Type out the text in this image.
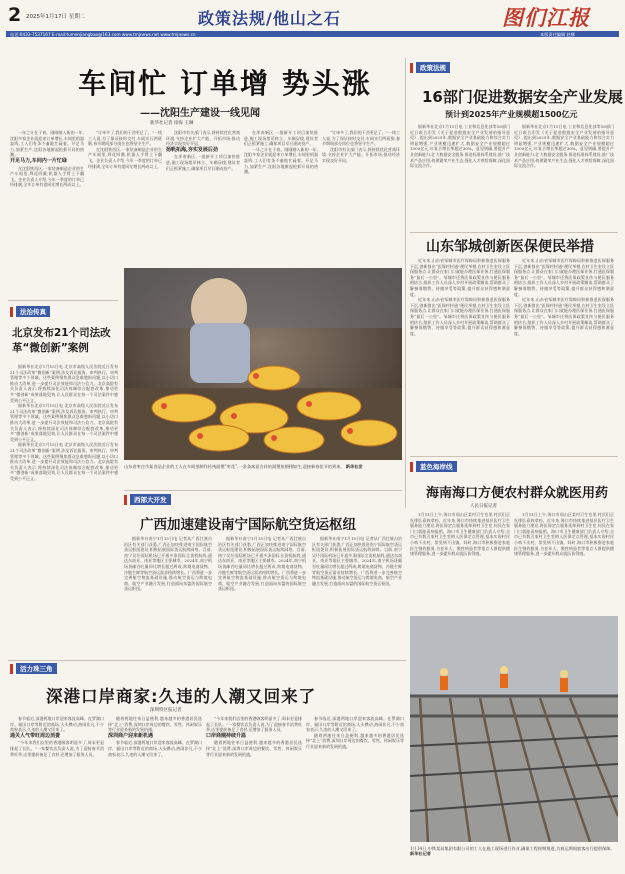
2 2025年1月17日 星期二	政策法规/他山之石	图们江报
电话:0433-7537167 E-mail:tumenjiangbao@163.com www.tmjnews.net www.tmjnews.cn	本版责任编辑 赵娜
车间忙 订单增 势头涨
——沈阳生产建设一线见闻
新华社记者 徐海 王琳

一年之计在于春。刚刚踏入新的一年,沈阳多家企业就迎来订单增长,车间里机器轰鸣,工人们有条不紊地忙碌着。开足马力,加紧生产,沈阳各地掀起抢抓开局的热潮。

开足马力,车间内一片忙碌

在沈阳铁西区,一家装备制造企业的生产车间里,焊花四溅,机器人手臂上下翻飞。企业负责人介绍,今年一季度的订单已经排满,全年订单有望同比增长两成以上。

“订单多了,我们的干劲更足了。”一线工人说,为了保证按时交付,车间实行两班倒,春节期间部分岗位也将坚守生产。

在沈阳铁西区,一家装备制造企业的生产车间里,焊花四溅,机器人手臂上下翻飞。企业负责人介绍,今年一季度的订单已经排满,全年订单有望同比增长两成以上。

沈阳市有关部门表示,将持续优化营商环境,支持企业扩大产能、开拓市场,推动经济实现良好开局。

扬帆拓海,夯实发展后劲

在浑南新区,一批新开工项目加快推进,施工现场塔吊林立、车辆穿梭,建设者们正抓紧施工,确保项目早日建成投产。

在浑南新区,一批新开工项目加快推进,施工现场塔吊林立、车辆穿梭,建设者们正抓紧施工,确保项目早日建成投产。

一年之计在于春。刚刚踏入新的一年,沈阳多家企业就迎来订单增长,车间里机器轰鸣,工人们有条不紊地忙碌着。开足马力,加紧生产,沈阳各地掀起抢抓开局的热潮。

“订单多了,我们的干劲更足了。”一线工人说,为了保证按时交付,车间实行两班倒,春节期间部分岗位也将坚守生产。

沈阳市有关部门表示,将持续优化营商环境,支持企业扩大产能、开拓市场,推动经济实现良好开局。

政策法规
16部门促进数据安全产业发展
预计到2025年产业规模超1500亿元

据新华社北京1月15日电 工业和信息化部等16部门近日联合印发《关于促进数据安全产业发展的指导意见》,提出到2025年,数据安全产业基础能力和综合实力明显增强,产业规模迅速扩大,数据安全产业规模超过1500亿元,年复合增长率超过30%。意见明确,要提升产业创新能力,壮大数据安全服务,推进标准体系建设,推广技术产品应用,构建繁荣产业生态,强化人才供给保障,深化国际交流合作。

据新华社北京1月15日电 工业和信息化部等16部门近日联合印发《关于促进数据安全产业发展的指导意见》,提出到2025年,数据安全产业基础能力和综合实力明显增强,产业规模迅速扩大,数据安全产业规模超过1500亿元,年复合增长率超过30%。意见明确,要提升产业创新能力,壮大数据安全服务,推进标准体系建设,推广技术产品应用,构建繁荣产业生态,强化人才供给保障,深化国际交流合作。

山东邹城创新医保便民举措

近年来,山东省邹城市医疗保障局积极推进医保服务下沉,创新推出“医保村村通”便民举措,在村卫生室设立医保服务点,让群众在家门口就能办理医保业务,打通医保服务“最后一公里”。邹城市还将医保政策宣传与便民服务相结合,组织工作人员深入乡村开展政策解读,帮助群众了解参保缴费、待遇享受等政策,提升群众获得感和满意度。

近年来,山东省邹城市医疗保障局积极推进医保服务下沉,创新推出“医保村村通”便民举措,在村卫生室设立医保服务点,让群众在家门口就能办理医保业务,打通医保服务“最后一公里”。邹城市还将医保政策宣传与便民服务相结合,组织工作人员深入乡村开展政策解读,帮助群众了解参保缴费、待遇享受等政策,提升群众获得感和满意度。

近年来,山东省邹城市医疗保障局积极推进医保服务下沉,创新推出“医保村村通”便民举措,在村卫生室设立医保服务点,让群众在家门口就能办理医保业务,打通医保服务“最后一公里”。邹城市还将医保政策宣传与便民服务相结合,组织工作人员深入乡村开展政策解读,帮助群众了解参保缴费、待遇享受等政策,提升群众获得感和满意度。

近年来,山东省邹城市医疗保障局积极推进医保服务下沉,创新推出“医保村村通”便民举措,在村卫生室设立医保服务点,让群众在家门口就能办理医保业务,打通医保服务“最后一公里”。邹城市还将医保政策宣传与便民服务相结合,组织工作人员深入乡村开展政策解读,帮助群众了解参保缴费、待遇享受等政策,提升群众获得感和满意度。

蓝色海岸线
海南海口方便农村群众就医用药
人民日报记者

1月11日上午,海口市琼山区某村卫生室里,村民们正在排队看病拿药。近年来,海口市持续推进基层医疗卫生服务能力建设,将医保定点服务延伸到村卫生室,村民在家门口就能看病报销。海口市卫生健康部门负责人介绍,全市已有数百家村卫生室纳入医保定点管理,基本实现村民小病不出村、常见病不出镇。同时,海口市积极推进家庭医生签约服务,为老年人、慢性病患者等重点人群提供健康管理服务,进一步提升群众就医获得感。

1月11日上午,海口市琼山区某村卫生室里,村民们正在排队看病拿药。近年来,海口市持续推进基层医疗卫生服务能力建设,将医保定点服务延伸到村卫生室,村民在家门口就能看病报销。海口市卫生健康部门负责人介绍,全市已有数百家村卫生室纳入医保定点管理,基本实现村民小病不出村、常见病不出镇。同时,海口市积极推进家庭医生签约服务,为老年人、慢性病患者等重点人群提供健康管理服务,进一步提升群众就医获得感。

法治传真
北京发布21个司法改革“微创新”案例

据新华社北京1月15日电 北京市高级人民法院近日发布21个司法改革“微创新”案例,涉及诉讼服务、审判执行、审判管理等多个领域。这些案例聚焦群众急难愁盼问题,以小切口推动大改革,进一步提升司法效能和司法公信力。北京高院有关负责人表示,将持续深化司法体制综合配套改革,推动更多“微创新”成果落地见效,让人民群众在每一个司法案件中感受到公平正义。

据新华社北京1月15日电 北京市高级人民法院近日发布21个司法改革“微创新”案例,涉及诉讼服务、审判执行、审判管理等多个领域。这些案例聚焦群众急难愁盼问题,以小切口推动大改革,进一步提升司法效能和司法公信力。北京高院有关负责人表示,将持续深化司法体制综合配套改革,推动更多“微创新”成果落地见效,让人民群众在每一个司法案件中感受到公平正义。

据新华社北京1月15日电 北京市高级人民法院近日发布21个司法改革“微创新”案例,涉及诉讼服务、审判执行、审判管理等多个领域。这些案例聚焦群众急难愁盼问题,以小切口推动大改革,进一步提升司法效能和司法公信力。北京高院有关负责人表示,将持续深化司法体制综合配套改革,推动更多“微创新”成果落地见效,让人民群众在每一个司法案件中感受到公平正义。

山东省枣庄市某食品企业的工人在车间里制作传统面塑“枣花”,一条条寓意吉祥的面塑鱼栩栩如生,迎接新春佳节的到来。 新华社发
西部大开发
广西加速建设南宁国际航空货运枢纽

据新华社南宁1月15日电 记者从广西壮族自治区有关部门获悉,广西正加快推进南宁国际航空货运枢纽建设,积极拓展国际货运航线网络。目前,南宁吴圩国际机场已开通多条国际全货机航线,通达东南亚、南亚等地区主要城市。2024年,南宁机场货邮吞吐量同比增长超过两成,跨境电商货物、冷链生鲜等航空货运需求持续增长。广西将进一步完善航空物流基础设施,推动航空货运与跨境电商、临空产业融合发展,打造面向东盟的国际航空货运枢纽。

据新华社南宁1月15日电 记者从广西壮族自治区有关部门获悉,广西正加快推进南宁国际航空货运枢纽建设,积极拓展国际货运航线网络。目前,南宁吴圩国际机场已开通多条国际全货机航线,通达东南亚、南亚等地区主要城市。2024年,南宁机场货邮吞吐量同比增长超过两成,跨境电商货物、冷链生鲜等航空货运需求持续增长。广西将进一步完善航空物流基础设施,推动航空货运与跨境电商、临空产业融合发展,打造面向东盟的国际航空货运枢纽。

据新华社南宁1月15日电 记者从广西壮族自治区有关部门获悉,广西正加快推进南宁国际航空货运枢纽建设,积极拓展国际货运航线网络。目前,南宁吴圩国际机场已开通多条国际全货机航线,通达东南亚、南亚等地区主要城市。2024年,南宁机场货邮吞吐量同比增长超过两成,跨境电商货物、冷链生鲜等航空货运需求持续增长。广西将进一步完善航空物流基础设施,推动航空货运与跨境电商、临空产业融合发展,打造面向东盟的国际航空货运枢纽。

活力珠三角
深港口岸商家:久违的人潮又回来了
深圳特区报记者

春节临近,深港两地口岸迎来客流高峰。在罗湖口岸、福田口岸等附近的商场,人头攒动,热闹非凡,不少商家表示,久违的人潮又回来了。

通关人气带旺周边消费

“今年来我们店里的香港顾客明显多了,周末更是排起了长队。”一家餐饮店负责人说,为了迎接春节消费旺季,店里提前备足了食材,还增加了服务人员。

随着两地往来日益便利,越来越多的香港居民选择“北上”消费,深圳口岸周边的餐饮、零售、休闲娱乐等行业迎来新的发展机遇。

深圳商户迎来新机遇

春节临近,深港两地口岸迎来客流高峰。在罗湖口岸、福田口岸等附近的商场,人头攒动,热闹非凡,不少商家表示,久违的人潮又回来了。

“今年来我们店里的香港顾客明显多了,周末更是排起了长队。”一家餐饮店负责人说,为了迎接春节消费旺季,店里提前备足了食材,还增加了服务人员。

口岸商圈持续升温

随着两地往来日益便利,越来越多的香港居民选择“北上”消费,深圳口岸周边的餐饮、零售、休闲娱乐等行业迎来新的发展机遇。

春节临近,深港两地口岸迎来客流高峰。在罗湖口岸、福田口岸等附近的商场,人头攒动,热闹非凡,不少商家表示,久违的人潮又回来了。

随着两地往来日益便利,越来越多的香港居民选择“北上”消费,深圳口岸周边的餐饮、零售、休闲娱乐等行业迎来新的发展机遇。

1月14日,中铁某局集团有限公司的工人在施工现场进行作业,确保工程按期推进,为春运期间旅客出行提供保障。 新华社记者
